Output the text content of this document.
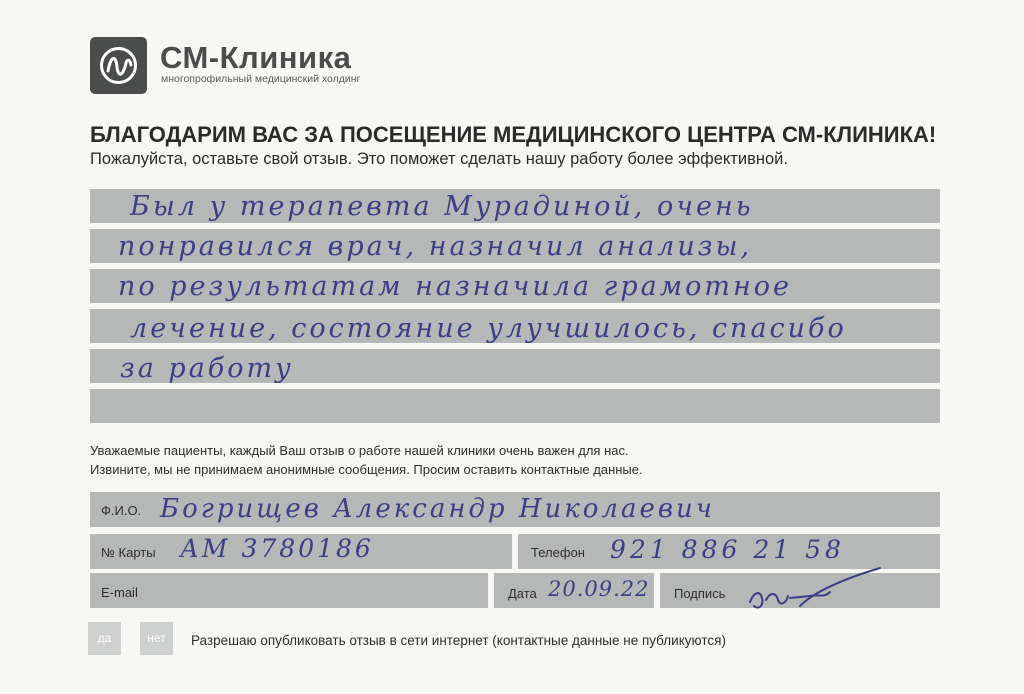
СМ-Клиника
многопрофильный медицинский холдинг
БЛАГОДАРИМ ВАС ЗА ПОСЕЩЕНИЕ МЕДИЦИНСКОГО ЦЕНТРА СМ-КЛИНИКА!
Пожалуйста, оставьте свой отзыв. Это поможет сделать нашу работу более эффективной.
Был у терапевта Мурадиной, очень
понравился врач, назначил анализы,
по результатам назначила грамотное
лечение, состояние улучшилось, спасибо
за работу
Уважаемые пациенты, каждый Ваш отзыв о работе нашей клиники очень важен для нас.
Извините, мы не принимаем анонимные сообщения. Просим оставить контактные данные.
Ф.И.О. Богрищев Александр Николаевич
№ Карты АМ 3780186	Телефон 921 886 21 58
E-mail	Дата 20.09.22 Подпись
да	нет	Разрешаю опубликовать отзыв в сети интернет (контактные данные не публикуются)
